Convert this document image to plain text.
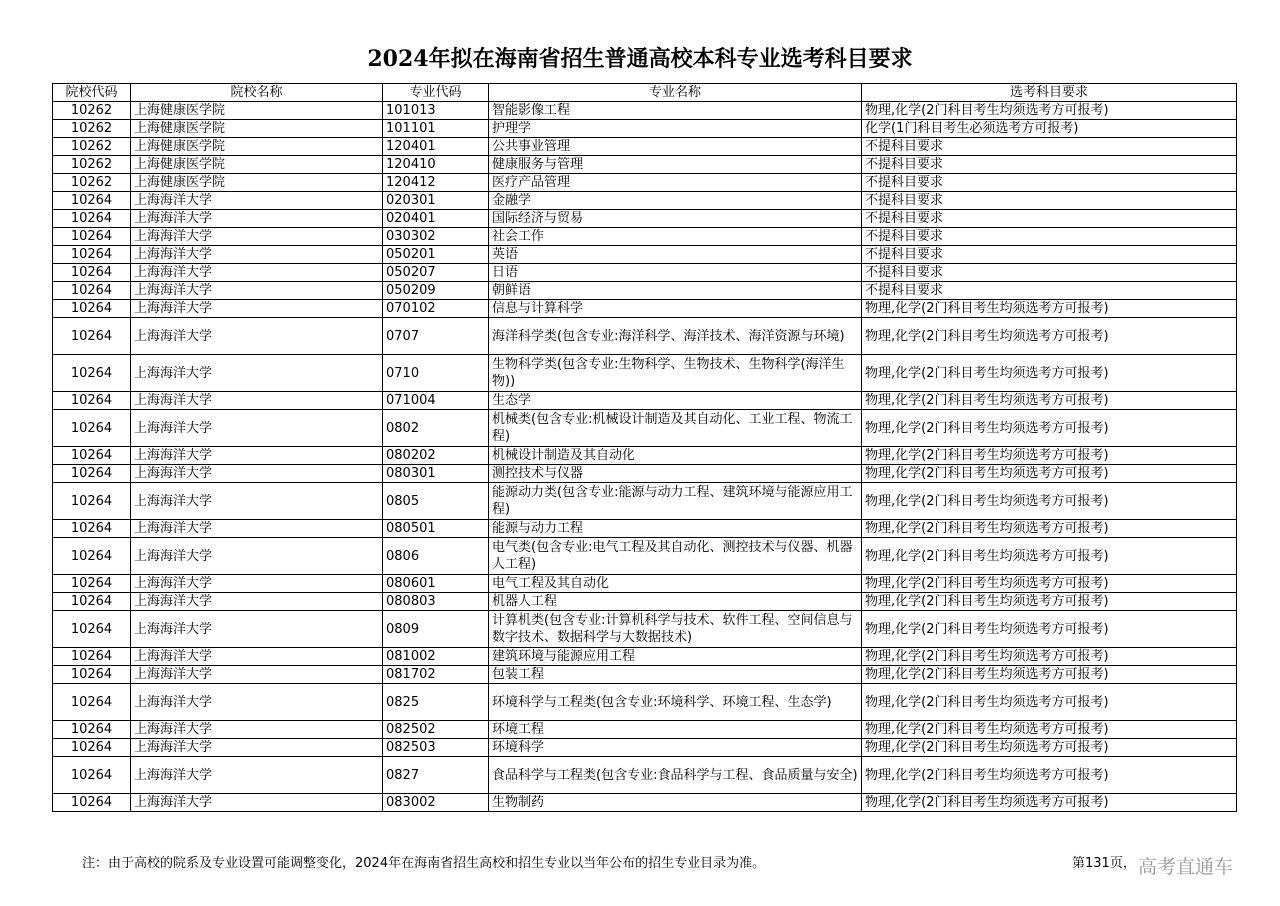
2024年拟在海南省招生普通高校本科专业选考科目要求
院校代码	院校名称	专业代码	专业名称	选考科目要求
10262	上海健康医学院	101013	智能影像工程	物理,化学(2门科目考生均须选考方可报考)
10262	上海健康医学院	101101	护理学	化学(1门科目考生必须选考方可报考)
10262	上海健康医学院	120401	公共事业管理	不提科目要求
10262	上海健康医学院	120410	健康服务与管理	不提科目要求
10262	上海健康医学院	120412	医疗产品管理	不提科目要求
10264	上海海洋大学	020301	金融学	不提科目要求
10264	上海海洋大学	020401	国际经济与贸易	不提科目要求
10264	上海海洋大学	030302	社会工作	不提科目要求
10264	上海海洋大学	050201	英语	不提科目要求
10264	上海海洋大学	050207	日语	不提科目要求
10264	上海海洋大学	050209	朝鲜语	不提科目要求
10264	上海海洋大学	070102	信息与计算科学	物理,化学(2门科目考生均须选考方可报考)
10264	上海海洋大学	0707	海洋科学类(包含专业:海洋科学、海洋技术、海洋资源与环境)	物理,化学(2门科目考生均须选考方可报考)
10264	上海海洋大学	0710	生物科学类(包含专业:生物科学、生物技术、生物科学(海洋生物))	物理,化学(2门科目考生均须选考方可报考)
10264	上海海洋大学	071004	生态学	物理,化学(2门科目考生均须选考方可报考)
10264	上海海洋大学	0802	机械类(包含专业:机械设计制造及其自动化、工业工程、物流工程)	物理,化学(2门科目考生均须选考方可报考)
10264	上海海洋大学	080202	机械设计制造及其自动化	物理,化学(2门科目考生均须选考方可报考)
10264	上海海洋大学	080301	测控技术与仪器	物理,化学(2门科目考生均须选考方可报考)
10264	上海海洋大学	0805	能源动力类(包含专业:能源与动力工程、建筑环境与能源应用工程)	物理,化学(2门科目考生均须选考方可报考)
10264	上海海洋大学	080501	能源与动力工程	物理,化学(2门科目考生均须选考方可报考)
10264	上海海洋大学	0806	电气类(包含专业:电气工程及其自动化、测控技术与仪器、机器人工程)	物理,化学(2门科目考生均须选考方可报考)
10264	上海海洋大学	080601	电气工程及其自动化	物理,化学(2门科目考生均须选考方可报考)
10264	上海海洋大学	080803	机器人工程	物理,化学(2门科目考生均须选考方可报考)
10264	上海海洋大学	0809	计算机类(包含专业:计算机科学与技术、软件工程、空间信息与数字技术、数据科学与大数据技术)	物理,化学(2门科目考生均须选考方可报考)
10264	上海海洋大学	081002	建筑环境与能源应用工程	物理,化学(2门科目考生均须选考方可报考)
10264	上海海洋大学	081702	包装工程	物理,化学(2门科目考生均须选考方可报考)
10264	上海海洋大学	0825	环境科学与工程类(包含专业:环境科学、环境工程、生态学)	物理,化学(2门科目考生均须选考方可报考)
10264	上海海洋大学	082502	环境工程	物理,化学(2门科目考生均须选考方可报考)
10264	上海海洋大学	082503	环境科学	物理,化学(2门科目考生均须选考方可报考)
10264	上海海洋大学	0827	食品科学与工程类(包含专业:食品科学与工程、食品质量与安全)	物理,化学(2门科目考生均须选考方可报考)
10264	上海海洋大学	083002	生物制药	物理,化学(2门科目考生均须选考方可报考)
注：由于高校的院系及专业设置可能调整变化，2024年在海南省招生高校和招生专业以当年公布的招生专业目录为准。	第131页， 高考直通车
